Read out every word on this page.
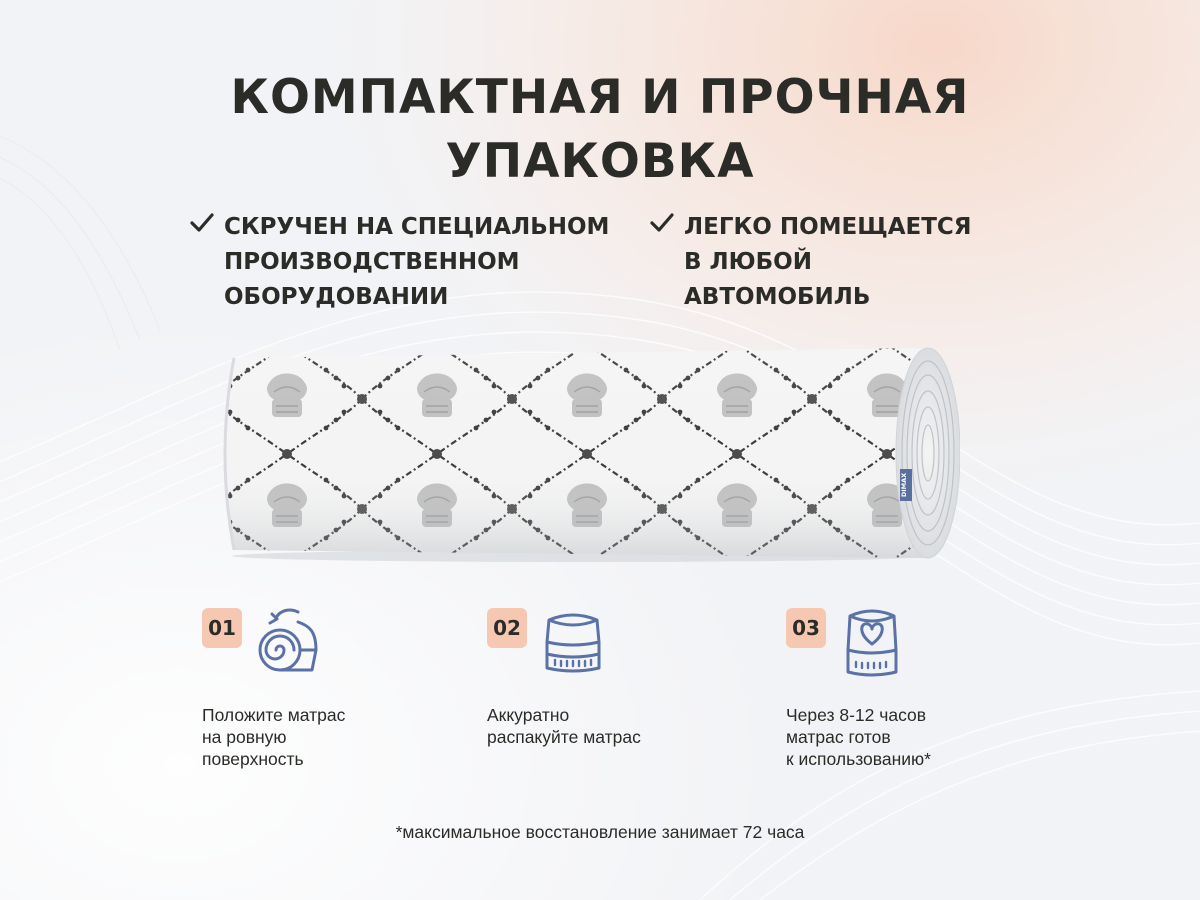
КОМПАКТНАЯ И ПРОЧНАЯ
УПАКОВКА
СКРУЧЕН НА СПЕЦИАЛЬНОМ
ПРОИЗВОДСТВЕННОМ
ОБОРУДОВАНИИ
ЛЕГКО ПОМЕЩАЕТСЯ
В ЛЮБОЙ
АВТОМОБИЛЬ
DIMAX
01
Положите матрас
на ровную
поверхность
02
Аккуратно
распакуйте матрас
03
Через 8-12 часов
матрас готов
к использованию*
*максимальное восстановление занимает 72 часа
